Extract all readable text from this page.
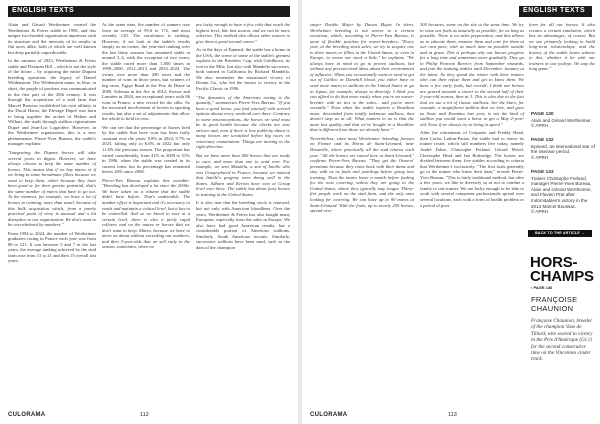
ENGLISH TEXTS

Alain and Gérard Wertheimer created the Wertheimer & Frères stable in 1996, and this unique two-headed organisation impresses with its structure and the intensity of its results in flat races alike, both of which are well known but deep partially unpredictable.

In the summer of 2023, Wertheimer & Frères stable and Flaxman Hill – which is not the style of the house – by acquiring the entire Dupont breeding operation, the legacy of Daniel Wildenstein. The Wildenstein name, in blue, in short, the purple of portions was communicated in the first part of the 20th century. It was through the acquisition of a stud farm that Marcel Boussac established his own affinity at the Ducal Haras, the Elevage Dupré was born to bring together the arches of Hulme and Wilhart, the studs through stallion registrations Dupré and Jean-Luc Lagardère. However, in the Wertheimer organisation, this is a new phenomenon. Pierre-Yves Bureau, the stable's manager explains:

"Integrating the Dupont horses will take several years to digest. However, we have always chosen to keep the same number of horses. This means that if we buy mares or if we bring in some broodmare fillies because we want to keep them, either because they have been good or for their genetic potential, that's the same number of mares that have to go out. At the moment, for example, we have a lot of horses in training, more than usual, because of this bulk acquisition which, from a purely practical point of view, is unusual and a bit disruptive to our organisation. We don't want to be overwhelmed by numbers."

From 1994 to 2024, the number of Wertheimer graduates racing in France each year was from 88 to 121. It was between 5 and 7 in the last years, the average ranking achieved by the stud farm rose from 31 to 21 and then 15 overall last years.

At the same time, the number of runners rose from an average of 95.6 to 172, and most recently 129. The correlation is striking. However, if we look at the stable's results simply as an owner, the year-end ranking over the last thirty seasons has remained stable at around 3–4, with the exception of two years; the stable raced more than 1,000 times in 1999–2000, 2012–2013 and 2023–2024. The owner won more than 200 races and the number of wins in those years, but winners of big races. Egypt Band in the Prix de Diane in 2000, Solemia in the Arc in 2012, Swisse and Lumière in 2024, are exceptional years with 86 wins in France, a new record for the silks. So the increased involvement of horses in sporting results, but also a set of adjustments that allow the whole to hold its own.

We can see that the percentage of horses bred by the stable that have won has been fairly constant over the years: 9.8% in 2024, 9.7% in 2023, falling only to 6.6% in 2022 but only 11.6% the previous season. The proportion has varied considerably, from 41% in 2009 to 51% in 1996, when the stable was created in its current form, but its percentage has remained below 20% since 2008.

Pierre-Yves Bureau explains this variable: "Breeding has developed a lot since the 2000s. We have taken on a volume that the stable didn't have before. That's undeniable. The number effect is important and it's necessary to reach and maintain a critical level, but it has to be controlled. And so we breed to race at a certain level, there is also a fairly rapid rollover, and on the mares or horses that we don't want to keep. Mares, because we have to move on about without exceeding our numbers, and then 3-year-olds that we sell early in the season, sometimes, when we

are lucky enough to have a few colts that reach the highest level, like last season, and we can be more selective. This method also allows other owners to give them a good second career."

As in the days of Epinard, the stable has a home in the USA, the scene of some of the stable's greatest exploits in the Breeders' Cup, with Goldikova, its win in the Mile, but also with Mandella successes, both trained in California by Richard Mandella. We also remember the sensational victory of Dream Go, who led the horses to victory in the Pacific Classic in 1996.

"The dynamics of the American racing is the quantity," summarises Pierre-Yves Bureau. "If you have a good horse, you find yourself with several options almost every weekend over there. Contrary to some misconceptions, the horses we send must be in good health because the checks are now stricter and, even if there is less publicity about it, many horses are scratched before big races on veterinary examination. Things are moving in the right direction.

But we have more than 400 horses that are ready to race, and more than one to send over. For example, we sent Mandela, a son of Intello who was Group-placed in France, because we noticed that Intello's progeny were doing well in the States. Adhurn and Kerton have won at Group level over there. The stable has about forty horses in training in the United States.

It is also true that the breeding stock is renewed, but not only with American bloodlines. Over the years, Wertheimer & Frères has also bought many European, especially from the sales in Europe. We also have had good American results, but a considerable portion of American stallions. Similarly, South American recruits. Similarly, successive stallions have been used, such as the dam of the champion

CULORAMA	112
ENGLISH TEXTS

stayer Double Major by Daiwa Major. In short, Wertheimer breeding is not averse to a certain exoticism, which, according to Pierre-Yves Bureau, is more of flexible position for owner-breeders. "Every year, at the breeding stock sales, we try to acquire one to three mares or fillies in the United States, or even in Europe, to renew our stock a little," he explains. "We always have in mind to go to proven stallions, but without any preconceived ideas about their environment of influence. When you occasionally want or need to get out of Galileo or Danehill blood, you either have to send more mares to stallions in the United States or go to Japan, for example, always to diversify. I think you can afford to do that more easily when you're an owner-breeder with no ties to the sales... and you're more versatile." Even when the stable imports a Brazilian mare, descended from totally unknown stallions, that doesn't stop us at all. What matters to us is that the mare has quality and that we've bought in a bloodline that is different from those we already have."

Nevertheless, since most Wertheimer breeding focuses on France and its Haras de Saint-Léonard, near Deauville, where practically all the stud returns each year. "All the horses are raised here at Saint-Léonard," confirms Pierre-Yves Bureau. "They get the Owners' premiums because they come back with their dams and stay with us as foals and yearlings before going into training. Then the mares leave a month before foaling for the next covering, unless they are going to the United States, where they typically stay longer. Thirty-five people work on the stud farm, and the only ones looking for covering. We can have up to 90 mares at Saint-Léonard. With the foals, up to nearly 250 horses, spread over

300 hectares, some on the site at the same time. We try to raise our foals as naturally as possible, for as long as possible. There is no sales preparation, and this allows us to educate them, monitor them and care for them at our own pace, with as much time as possible outside and at grass. This is perhaps why our horses progress for a long time and sometimes more gradually. They go to Philip Pearson Barrier, from September onwards, and join the training stables until December. January at the latest. So they spend the winter with their trainer, who can then refuse them and get to know them. We have a few early foals, but overall, I think our horses are geared towards a career in the second half of their 2-year-old season, then at 3. This is also due to the fact that we use a lot of classic stallions. See the Stars, for example, a magnificent stallion that we love, and gave us Sosie and Ilvantma last year, is not the kind of stallion you would want a horse to get a May 2-year-old. Even if we always try to bring in speed."

After the retirements of Criquette and Freddy Head, then Carlos Laffon-Parias, the stable had to renew its trainer roster, which still numbers five today, namely André Fabre, Christophe Ferland, Gérard Morel, Christophe Head and Ian Burbridge. The horses are divided between them, five stables according to criteria that Wertheimer's exclusively. "The first foals generally go to the trainer who knew their dam," reveals Pierre-Yves Bureau. "This is fairly traditional method, but after a few years, we like to diversify so as not to confine a family to one trainer. We are lucky enough to be able to work with several competent professionals spread over several locations, each with a form of health problem or a period of poor

form for all our horses. It also creates a certain emulation, which has its advantages, of course. But we are primarily looking to build long-term relationships, and the history of the stable bears witness to this, whether it be with our trainers or our jockeys. We stay the long game."

PAGE 130
Alain and Gérard Wertheimer.
© APRH
PAGE 132
Epinard, an international star of the interwar period.
© APRH
PAGE 133
Trainer Christophe Ferland, manager Pierre-Yves Bureau, Alain and Gérard Wertheimer, and Flavien Prat after Indomitables's victory in the 2013 Marcel Boussac.
© APRH
BACK TO THE ARTICLE →
HORS-
CHAMPS
› PAGE 136
FRANÇOISE
CHAUNION
Françoise Chaunion, breeder of the champion Vase de Tillard, who soared to victory in the Prix d'Amérique (Gr.1) for the second consecutive time on the Vincennes cinder track.
CULORAMA	113
